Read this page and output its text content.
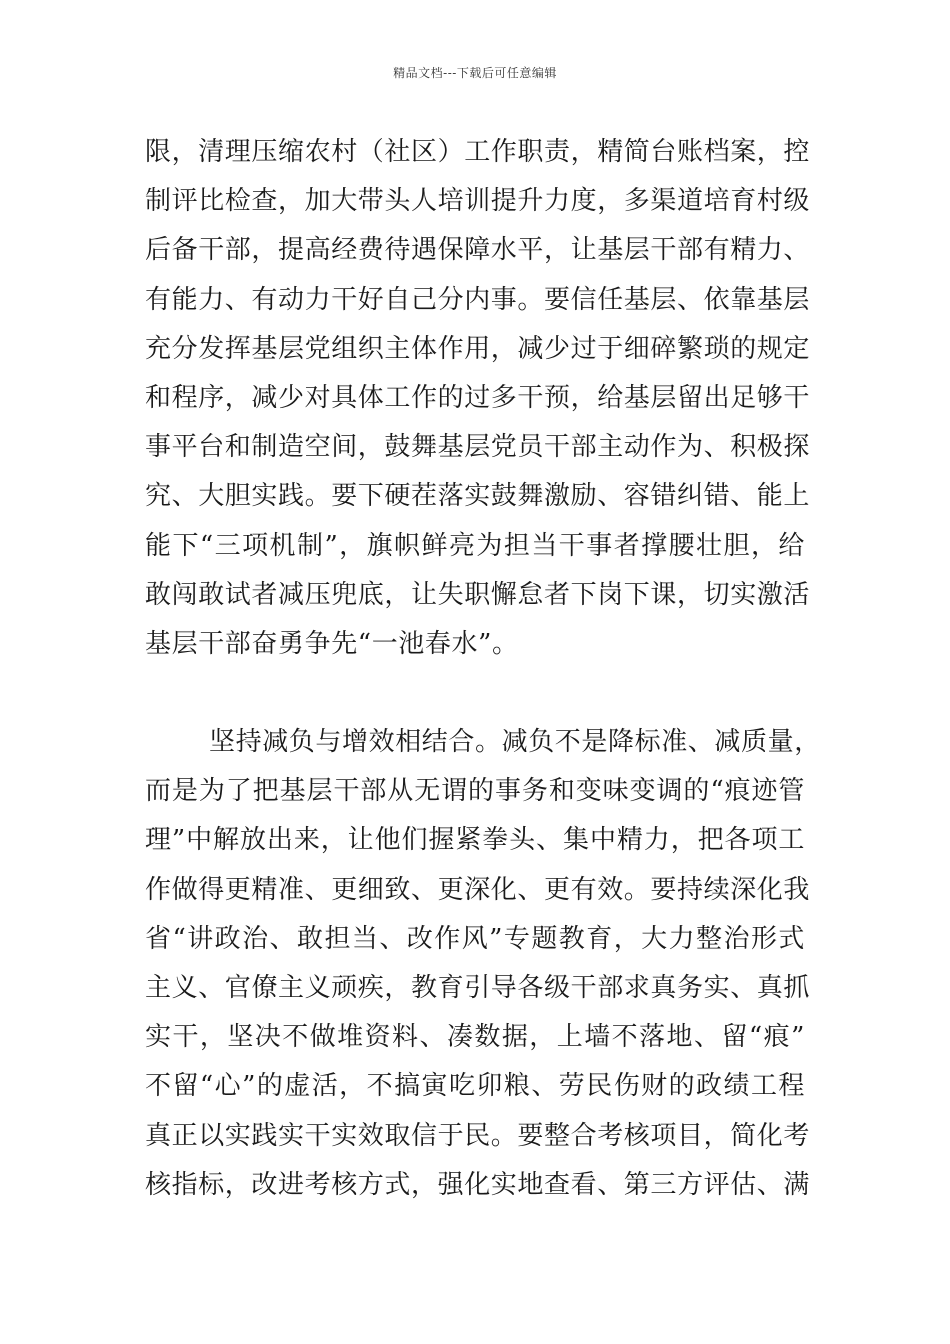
精品文档---下载后可任意编辑
限，清理压缩农村（社区）工作职责，精简台账档案，控
制评比检查，加大带头人培训提升力度，多渠道培育村级
后备干部，提高经费待遇保障水平，让基层干部有精力、
有能力、有动力干好自己分内事。要信任基层、依靠基层
充分发挥基层党组织主体作用，减少过于细碎繁琐的规定
和程序，减少对具体工作的过多干预，给基层留出足够干
事平台和制造空间，鼓舞基层党员干部主动作为、积极探
究、大胆实践。要下硬茬落实鼓舞激励、容错纠错、能上
能下“三项机制”，旗帜鲜亮为担当干事者撑腰壮胆，给
敢闯敢试者减压兜底，让失职懈怠者下岗下课，切实激活
基层干部奋勇争先“一池春水”。
坚持减负与增效相结合。减负不是降标准、减质量，
而是为了把基层干部从无谓的事务和变味变调的“痕迹管
理”中解放出来，让他们握紧拳头、集中精力，把各项工
作做得更精准、更细致、更深化、更有效。要持续深化我
省“讲政治、敢担当、改作风”专题教育，大力整治形式
主义、官僚主义顽疾，教育引导各级干部求真务实、真抓
实干，坚决不做堆资料、凑数据，上墙不落地、留“痕”
不留“心”的虚活，不搞寅吃卯粮、劳民伤财的政绩工程
真正以实践实干实效取信于民。要整合考核项目，简化考
核指标，改进考核方式，强化实地查看、第三方评估、满
